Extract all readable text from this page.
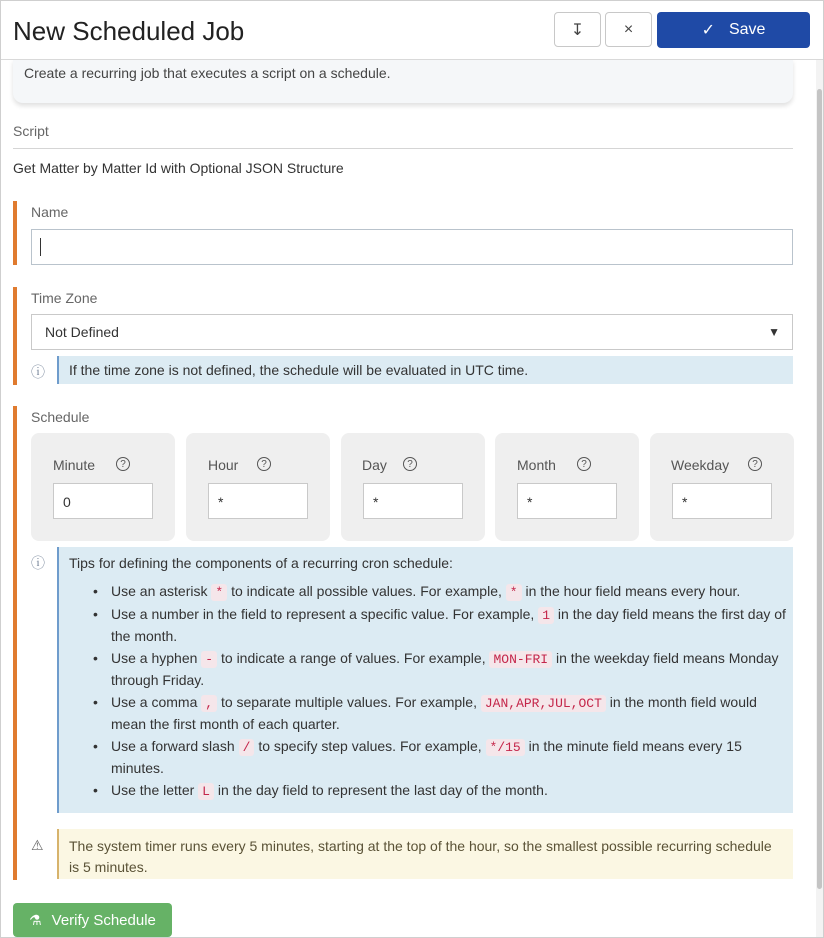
New Scheduled Job	↧ ×	✓ Save
Create a recurring job that executes a script on a schedule.
Script
Get Matter by Matter Id with Optional JSON Structure
Name
Time Zone
Not Defined	▼
ⓘ If the time zone is not defined, the schedule will be evaluated in UTC time.
Schedule
Minute	?
0
Hour	?
*
Day	?
*
Month	?
*
Weekday	?
*
ⓘ Tips for defining the components of a recurring cron schedule:
• Use an asterisk * to indicate all possible values. For example, * in the hour field means every hour.
• Use a number in the field to represent a specific value. For example, 1 in the day field means the first day of the month.
• Use a hyphen - to indicate a range of values. For example, MON-FRI in the weekday field means Monday through Friday.
• Use a comma , to separate multiple values. For example, JAN,APR,JUL,OCT in the month field would mean the first month of each quarter.
• Use a forward slash / to specify step values. For example, */15 in the minute field means every 15 minutes.
• Use the letter L in the day field to represent the last day of the month.
⚠ The system timer runs every 5 minutes, starting at the top of the hour, so the smallest possible recurring schedule is 5 minutes.
⚗ Verify Schedule
